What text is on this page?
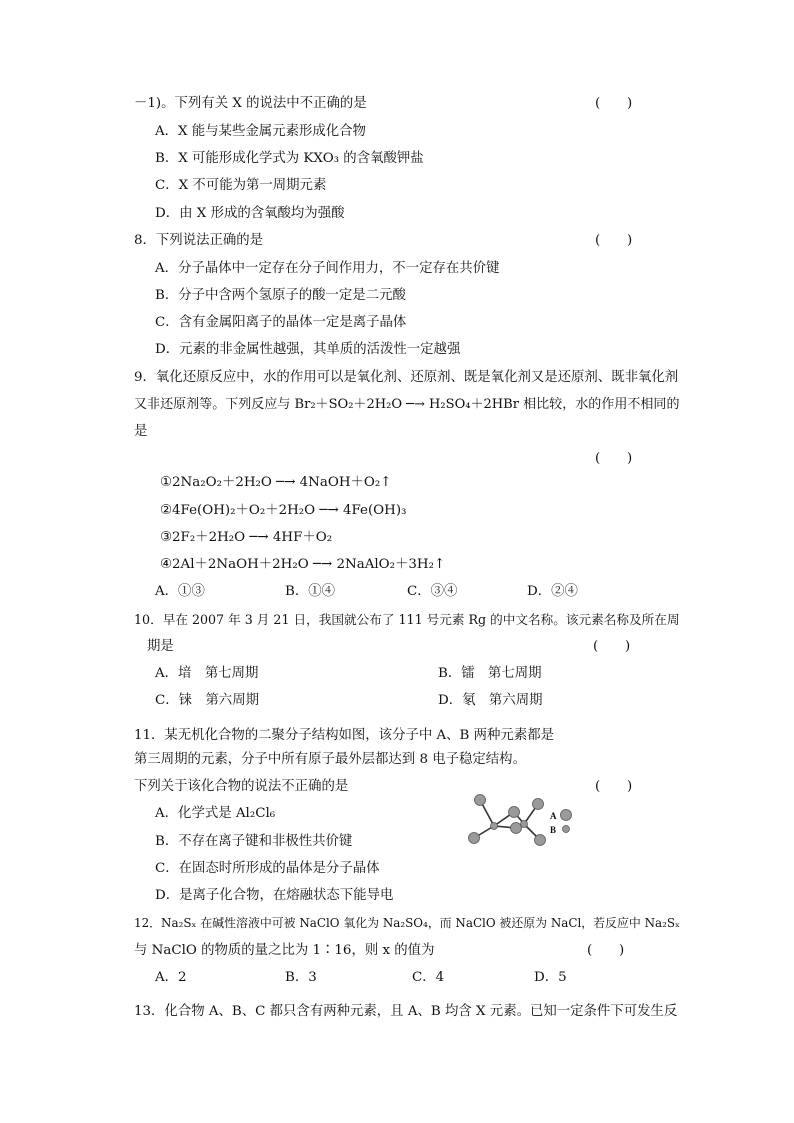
－1)。下列有关 X 的说法中不正确的是	(　　)
A．X 能与某些金属元素形成化合物
B．X 可能形成化学式为 KXO₃ 的含氧酸钾盐
C．X 不可能为第一周期元素
D．由 X 形成的含氧酸均为强酸
8．下列说法正确的是	(　　)
A．分子晶体中一定存在分子间作用力，不一定存在共价键
B．分子中含两个氢原子的酸一定是二元酸
C．含有金属阳离子的晶体一定是离子晶体
D．元素的非金属性越强，其单质的活泼性一定越强
9．氧化还原反应中，水的作用可以是氧化剂、还原剂、既是氧化剂又是还原剂、既非氧化剂
又非还原剂等。下列反应与 Br₂＋SO₂＋2H₂O ─→ H₂SO₄＋2HBr 相比较，水的作用不相同的
是
(　　)
①2Na₂O₂＋2H₂O ─→ 4NaOH＋O₂↑
②4Fe(OH)₂＋O₂＋2H₂O ─→ 4Fe(OH)₃
③2F₂＋2H₂O ─→ 4HF＋O₂
④2Al＋2NaOH＋2H₂O ─→ 2NaAlO₂＋3H₂↑
A．①③	B．①④	C．③④	D．②④
10．早在 2007 年 3 月 21 日，我国就公布了 111 号元素 Rg 的中文名称。该元素名称及所在周
期是	(　　)
A．堷　第七周期	B．镭　第七周期
C．铼　第六周期	D．氡　第六周期
11．某无机化合物的二聚分子结构如图，该分子中 A、B 两种元素都是
第三周期的元素，分子中所有原子最外层都达到 8 电子稳定结构。
下列关于该化合物的说法不正确的是	(　　)
A．化学式是 Al₂Cl₆
B．不存在离子键和非极性共价键
C．在固态时所形成的晶体是分子晶体
D．是离子化合物，在熔融状态下能导电
A
B
12．Na₂Sₓ 在碱性溶液中可被 NaClO 氧化为 Na₂SO₄，而 NaClO 被还原为 NaCl，若反应中 Na₂Sₓ
与 NaClO 的物质的量之比为 1∶16，则 x 的值为	(　　)
A．2	B．3	C．4	D．5
13．化合物 A、B、C 都只含有两种元素，且 A、B 均含 X 元素。已知一定条件下可发生反
